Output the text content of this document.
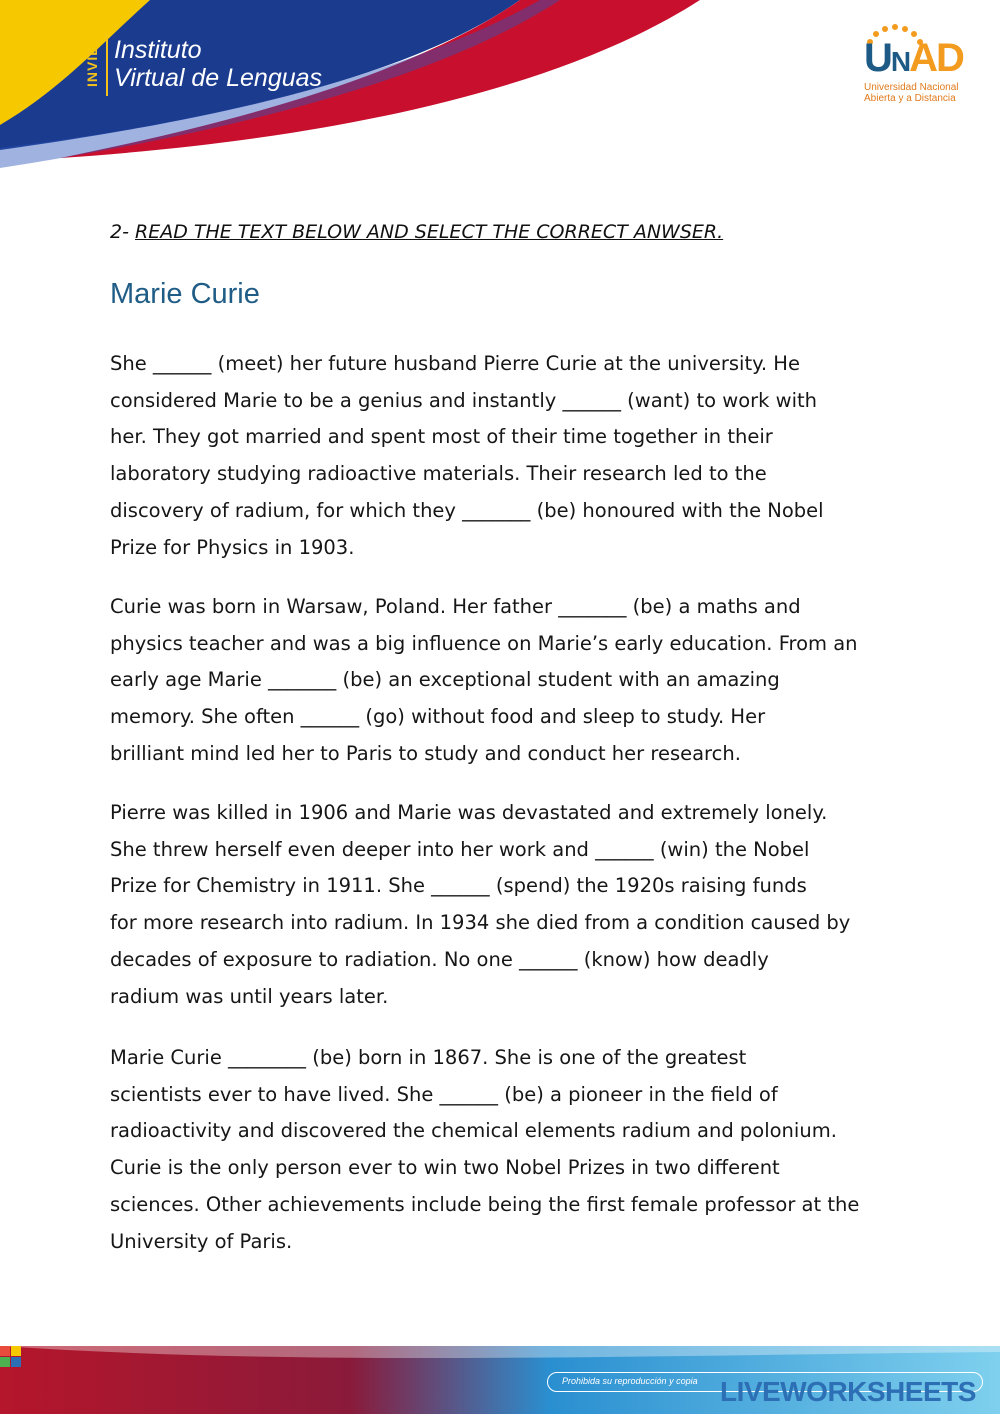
INVIL Instituto
Virtual de Lenguas	UNAD
Universidad Nacional
Abierta y a Distancia
2- READ THE TEXT BELOW AND SELECT THE CORRECT ANWSER.
Marie Curie

She ______ (meet) her future husband Pierre Curie at the university. He
considered Marie to be a genius and instantly ______ (want) to work with
her. They got married and spent most of their time together in their
laboratory studying radioactive materials. Their research led to the
discovery of radium, for which they _______ (be) honoured with the Nobel
Prize for Physics in 1903.

Curie was born in Warsaw, Poland. Her father _______ (be) a maths and
physics teacher and was a big influence on Marie’s early education. From an
early age Marie _______ (be) an exceptional student with an amazing
memory. She often ______ (go) without food and sleep to study. Her
brilliant mind led her to Paris to study and conduct her research.

Pierre was killed in 1906 and Marie was devastated and extremely lonely.
She threw herself even deeper into her work and ______ (win) the Nobel
Prize for Chemistry in 1911. She ______ (spend) the 1920s raising funds
for more research into radium. In 1934 she died from a condition caused by
decades of exposure to radiation. No one ______ (know) how deadly
radium was until years later.

Marie Curie ________ (be) born in 1867. She is one of the greatest
scientists ever to have lived. She ______ (be) a pioneer in the field of
radioactivity and discovered the chemical elements radium and polonium.
Curie is the only person ever to win two Nobel Prizes in two different
sciences. Other achievements include being the first female professor at the
University of Paris.

Prohibida su reproducción y copia LIVEWORKSHEETS
